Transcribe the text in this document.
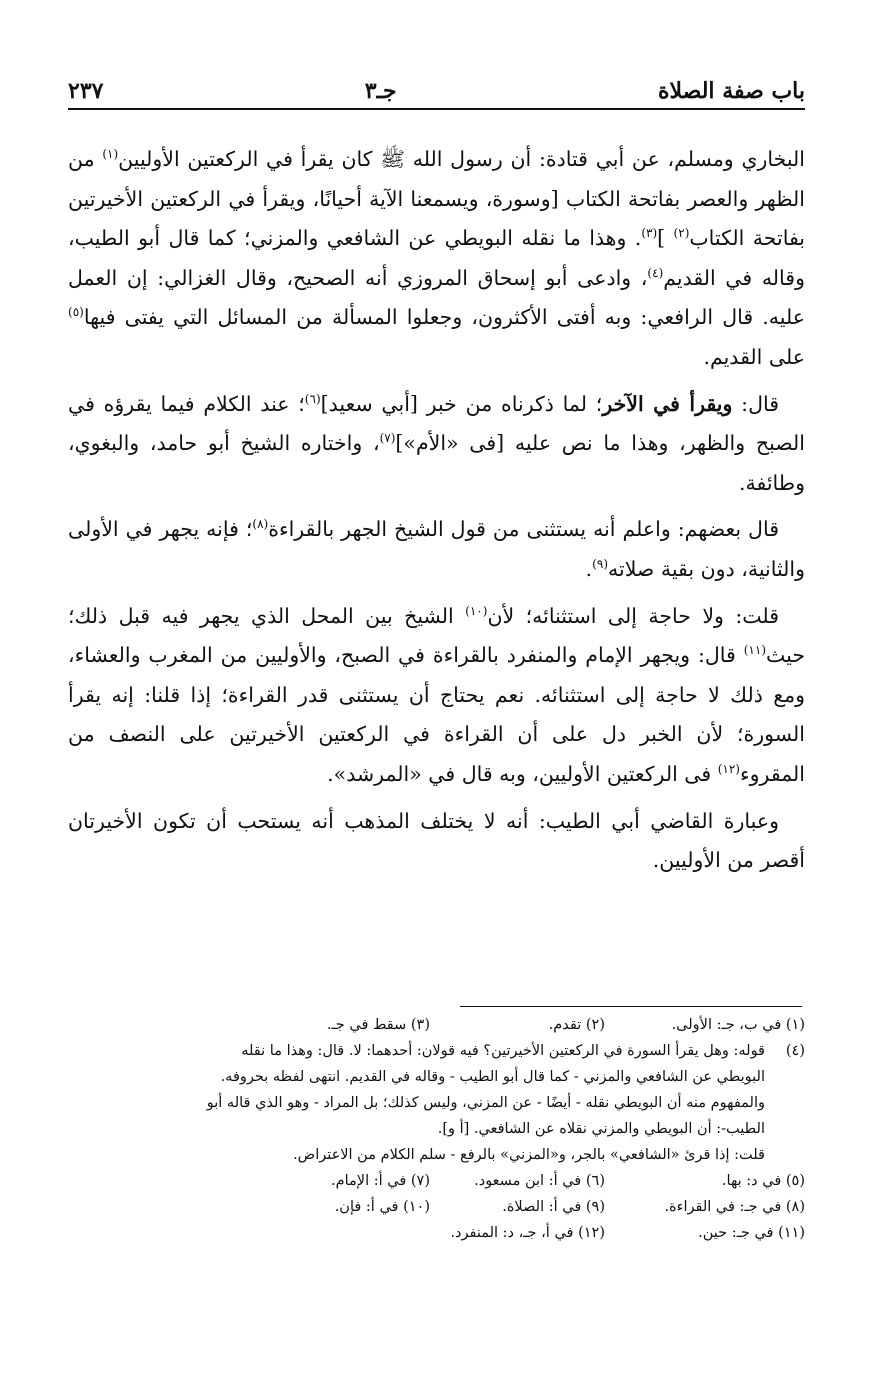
باب صفة الصلاة
جـ٣
٢٣٧

البخاري ومسلم، عن أبي قتادة: أن رسول الله ﷺ كان يقرأ في الركعتين الأوليين$^{(١)}$ من الظهر والعصر بفاتحة الكتاب [وسورة، ويسمعنا الآية أحيانًا، ويقرأ في الركعتين الأخيرتين بفاتحة الكتاب$^{(٢)}$ ]$^{(٣)}$. وهذا ما نقله البويطي عن الشافعي والمزني؛ كما قال أبو الطيب، وقاله في القديم$^{(٤)}$، وادعى أبو إسحاق المروزي أنه الصحيح، وقال الغزالي: إن العمل عليه. قال الرافعي: وبه أفتى الأكثرون، وجعلوا المسألة من المسائل التي يفتى فيها$^{(٥)}$ على القديم.

قال: ويقرأ في الآخر؛ لما ذكرناه من خبر [أبي سعيد]$^{(٦)}$؛ عند الكلام فيما يقرؤه في الصبح والظهر، وهذا ما نص عليه [فى «الأم»]$^{(٧)}$، واختاره الشيخ أبو حامد، والبغوي، وطائفة.

قال بعضهم: واعلم أنه يستثنى من قول الشيخ الجهر بالقراءة$^{(٨)}$؛ فإنه يجهر في الأولى والثانية، دون بقية صلاته$^{(٩)}$.

قلت: ولا حاجة إلى استثنائه؛ لأن$^{(١٠)}$ الشيخ بين المحل الذي يجهر فيه قبل ذلك؛ حيث$^{(١١)}$ قال: ويجهر الإمام والمنفرد بالقراءة في الصبح، والأوليين من المغرب والعشاء، ومع ذلك لا حاجة إلى استثنائه. نعم يحتاج أن يستثنى قدر القراءة؛ إذا قلنا: إنه يقرأ السورة؛ لأن الخبر دل على أن القراءة في الركعتين الأخيرتين على النصف من المقروء$^{(١٢)}$ فى الركعتين الأوليين، وبه قال في «المرشد».

وعبارة القاضي أبي الطيب: أنه لا يختلف المذهب أنه يستحب أن تكون الأخيرتان أقصر من الأوليين.

(١) في ب، جـ: الأولى.
(٢) تقدم.
(٣) سقط في جـ.
(٤)
قوله: وهل يقرأ السورة في الركعتين الأخيرتين؟ فيه قولان: أحدهما: لا. قال: وهذا ما نقله
البويطي عن الشافعي والمزني - كما قال أبو الطيب - وقاله في القديم. انتهى لفظه بحروفه.
والمفهوم منه أن البويطي نقله - أيضًا - عن المزني، وليس كذلك؛ بل المراد - وهو الذي قاله أبو
الطيب-: أن البويطي والمزني نقلاه عن الشافعي. [أ و].
قلت: إذا قرئ «الشافعي» بالجر، و«المزني» بالرفع - سلم الكلام من الاعتراض.
(٥) في د: بها.
(٦) في أ: ابن مسعود.
(٧) في أ: الإمام.
(٨) في جـ: في القراءة.
(٩) في أ: الصلاة.
(١٠) في أ: فإن.
(١١) في جـ: حين.
(١٢) في أ، جـ، د: المنفرد.
